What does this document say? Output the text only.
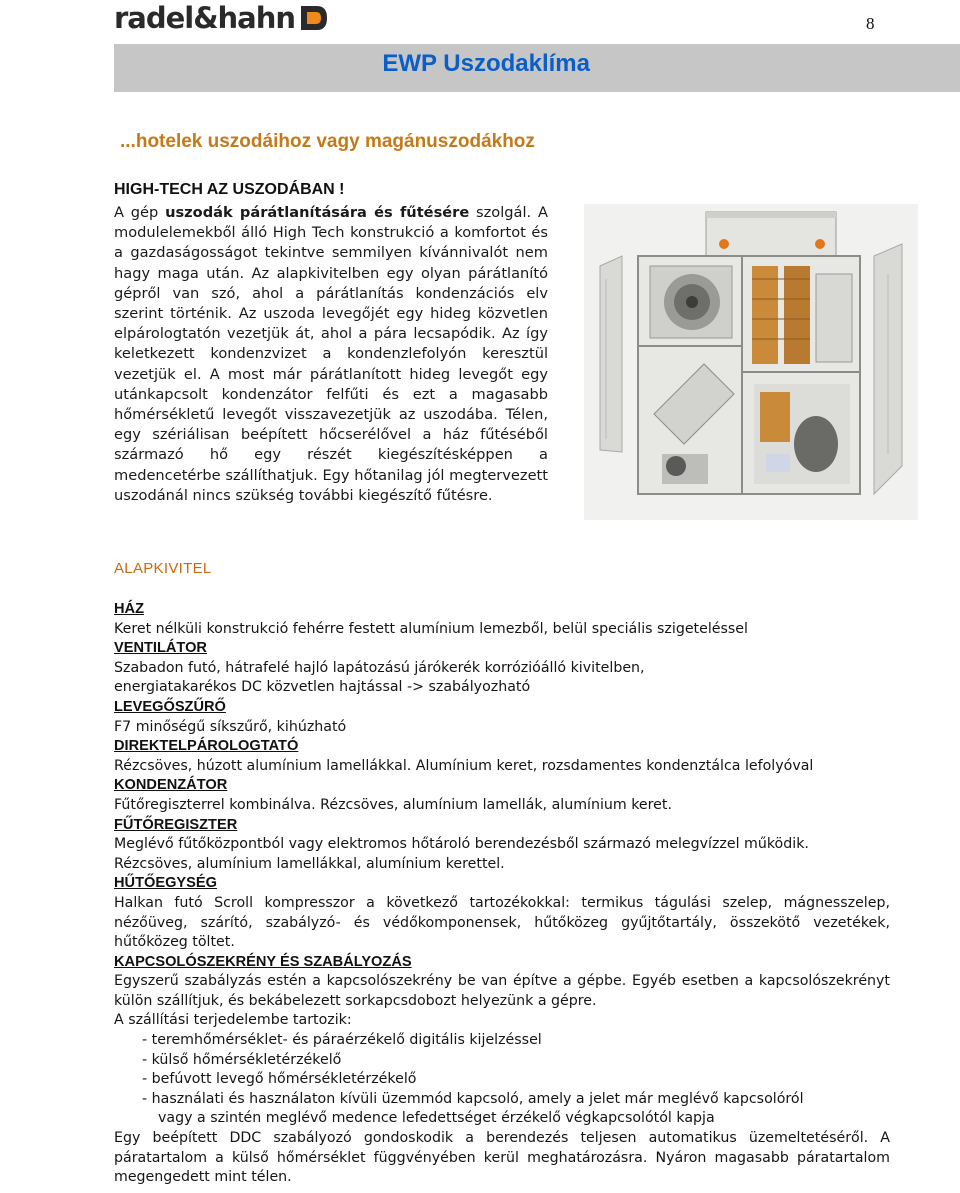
8
radel&hahn
EWP Uszodaklíma
...hotelek uszodáihoz vagy magánuszodákhoz
HIGH-TECH AZ USZODÁBAN !
A gép uszodák párátlanítására és fűtésére szolgál. A modulelemekből álló High Tech konstrukció a komfortot és a gazdaságosságot tekintve semmilyen kívánnivalót nem hagy maga után. Az alapkivitelben egy olyan párátlanító gépről van szó, ahol a párátlanítás kondenzációs elv szerint történik. Az uszoda levegőjét egy hideg közvetlen elpárologtatón vezetjük át, ahol a pára lecsapódik. Az így keletkezett kondenzvizet a kondenzlefolyón keresztül vezetjük el. A most már párátlanított hideg levegőt egy utánkapcsolt kondenzátor felfűti és ezt a magasabb hőmérsékletű levegőt visszavezetjük az uszodába. Télen, egy szériálisan beépített hőcserélővel a ház fűtéséből származó hő egy részét kiegészítésképpen a medencetérbe szállíthatjuk. Egy hőtanilag jól megtervezett uszodánál nincs szükség további kiegészítő fűtésre.
ALAPKIVITEL
HÁZ
Keret nélküli konstrukció fehérre festett alumínium lemezből, belül speciális szigeteléssel
VENTILÁTOR
Szabadon futó, hátrafelé hajló lapátozású járókerék korrózióálló kivitelben,
energiatakarékos DC közvetlen hajtással -> szabályozható
LEVEGŐSZŰRŐ
F7 minőségű síkszűrő, kihúzható
DIREKTELPÁROLOGTATÓ
Rézcsöves, húzott alumínium lamellákkal. Alumínium keret, rozsdamentes kondenztálca lefolyóval
KONDENZÁTOR
Fűtőregiszterrel kombinálva. Rézcsöves, alumínium lamellák, alumínium keret.
FŰTŐREGISZTER
Meglévő fűtőközpontból vagy elektromos hőtároló berendezésből származó melegvízzel működik.
Rézcsöves, alumínium lamellákkal, alumínium kerettel.
HŰTŐEGYSÉG
Halkan futó Scroll kompresszor a következő tartozékokkal: termikus tágulási szelep, mágnesszelep, nézőüveg, szárító, szabályzó- és védőkomponensek, hűtőközeg gyűjtőtartály, összekötő vezetékek, hűtőközeg töltet.
KAPCSOLÓSZEKRÉNY ÉS SZABÁLYOZÁS
Egyszerű szabályzás estén a kapcsolószekrény be van építve a gépbe. Egyéb esetben a kapcsolószekrényt külön szállítjuk, és bekábelezett sorkapcsdobozt helyezünk a gépre.
A szállítási terjedelembe tartozik:
- teremhőmérséklet- és páraérzékelő digitális kijelzéssel
- külső hőmérsékletérzékelő
- befúvott levegő hőmérsékletérzékelő
- használati és használaton kívüli üzemmód kapcsoló, amely a jelet már meglévő kapcsolóról
vagy a szintén meglévő medence lefedettséget érzékelő végkapcsolótól kapja
Egy beépített DDC szabályozó gondoskodik a berendezés teljesen automatikus üzemeltetéséről. A páratartalom a külső hőmérséklet függvényében kerül meghatározásra. Nyáron magasabb páratartalom megengedett mint télen.
